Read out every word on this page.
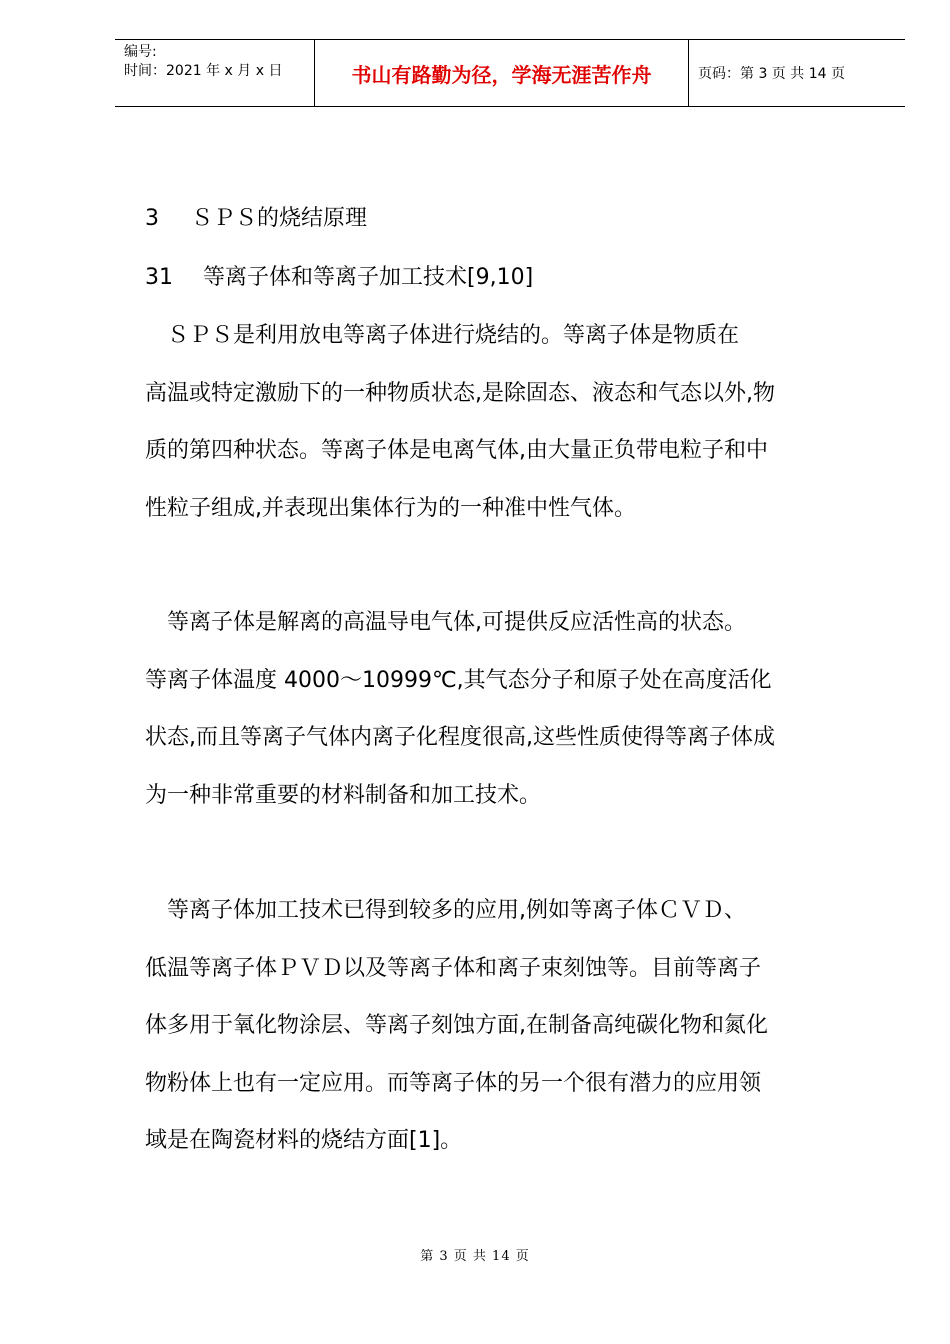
编号:
时间：2021 年 x 月 x 日	书山有路勤为径，学海无涯苦作舟	页码：第 3 页 共 14 页
3 ＳＰＳ的烧结原理
31 等离子体和等离子加工技术[9,10]
　ＳＰＳ是利用放电等离子体进行烧结的。等离子体是物质在
高温或特定激励下的一种物质状态,是除固态、液态和气态以外,物
质的第四种状态。等离子体是电离气体,由大量正负带电粒子和中
性粒子组成,并表现出集体行为的一种准中性气体。
　等离子体是解离的高温导电气体,可提供反应活性高的状态。
等离子体温度 4000～10999℃,其气态分子和原子处在高度活化
状态,而且等离子气体内离子化程度很高,这些性质使得等离子体成
为一种非常重要的材料制备和加工技术。
　等离子体加工技术已得到较多的应用,例如等离子体ＣＶＤ、
低温等离子体ＰＶＤ以及等离子体和离子束刻蚀等。目前等离子
体多用于氧化物涂层、等离子刻蚀方面,在制备高纯碳化物和氮化
物粉体上也有一定应用。而等离子体的另一个很有潜力的应用领
域是在陶瓷材料的烧结方面[1]。
第 3 页 共 14 页
